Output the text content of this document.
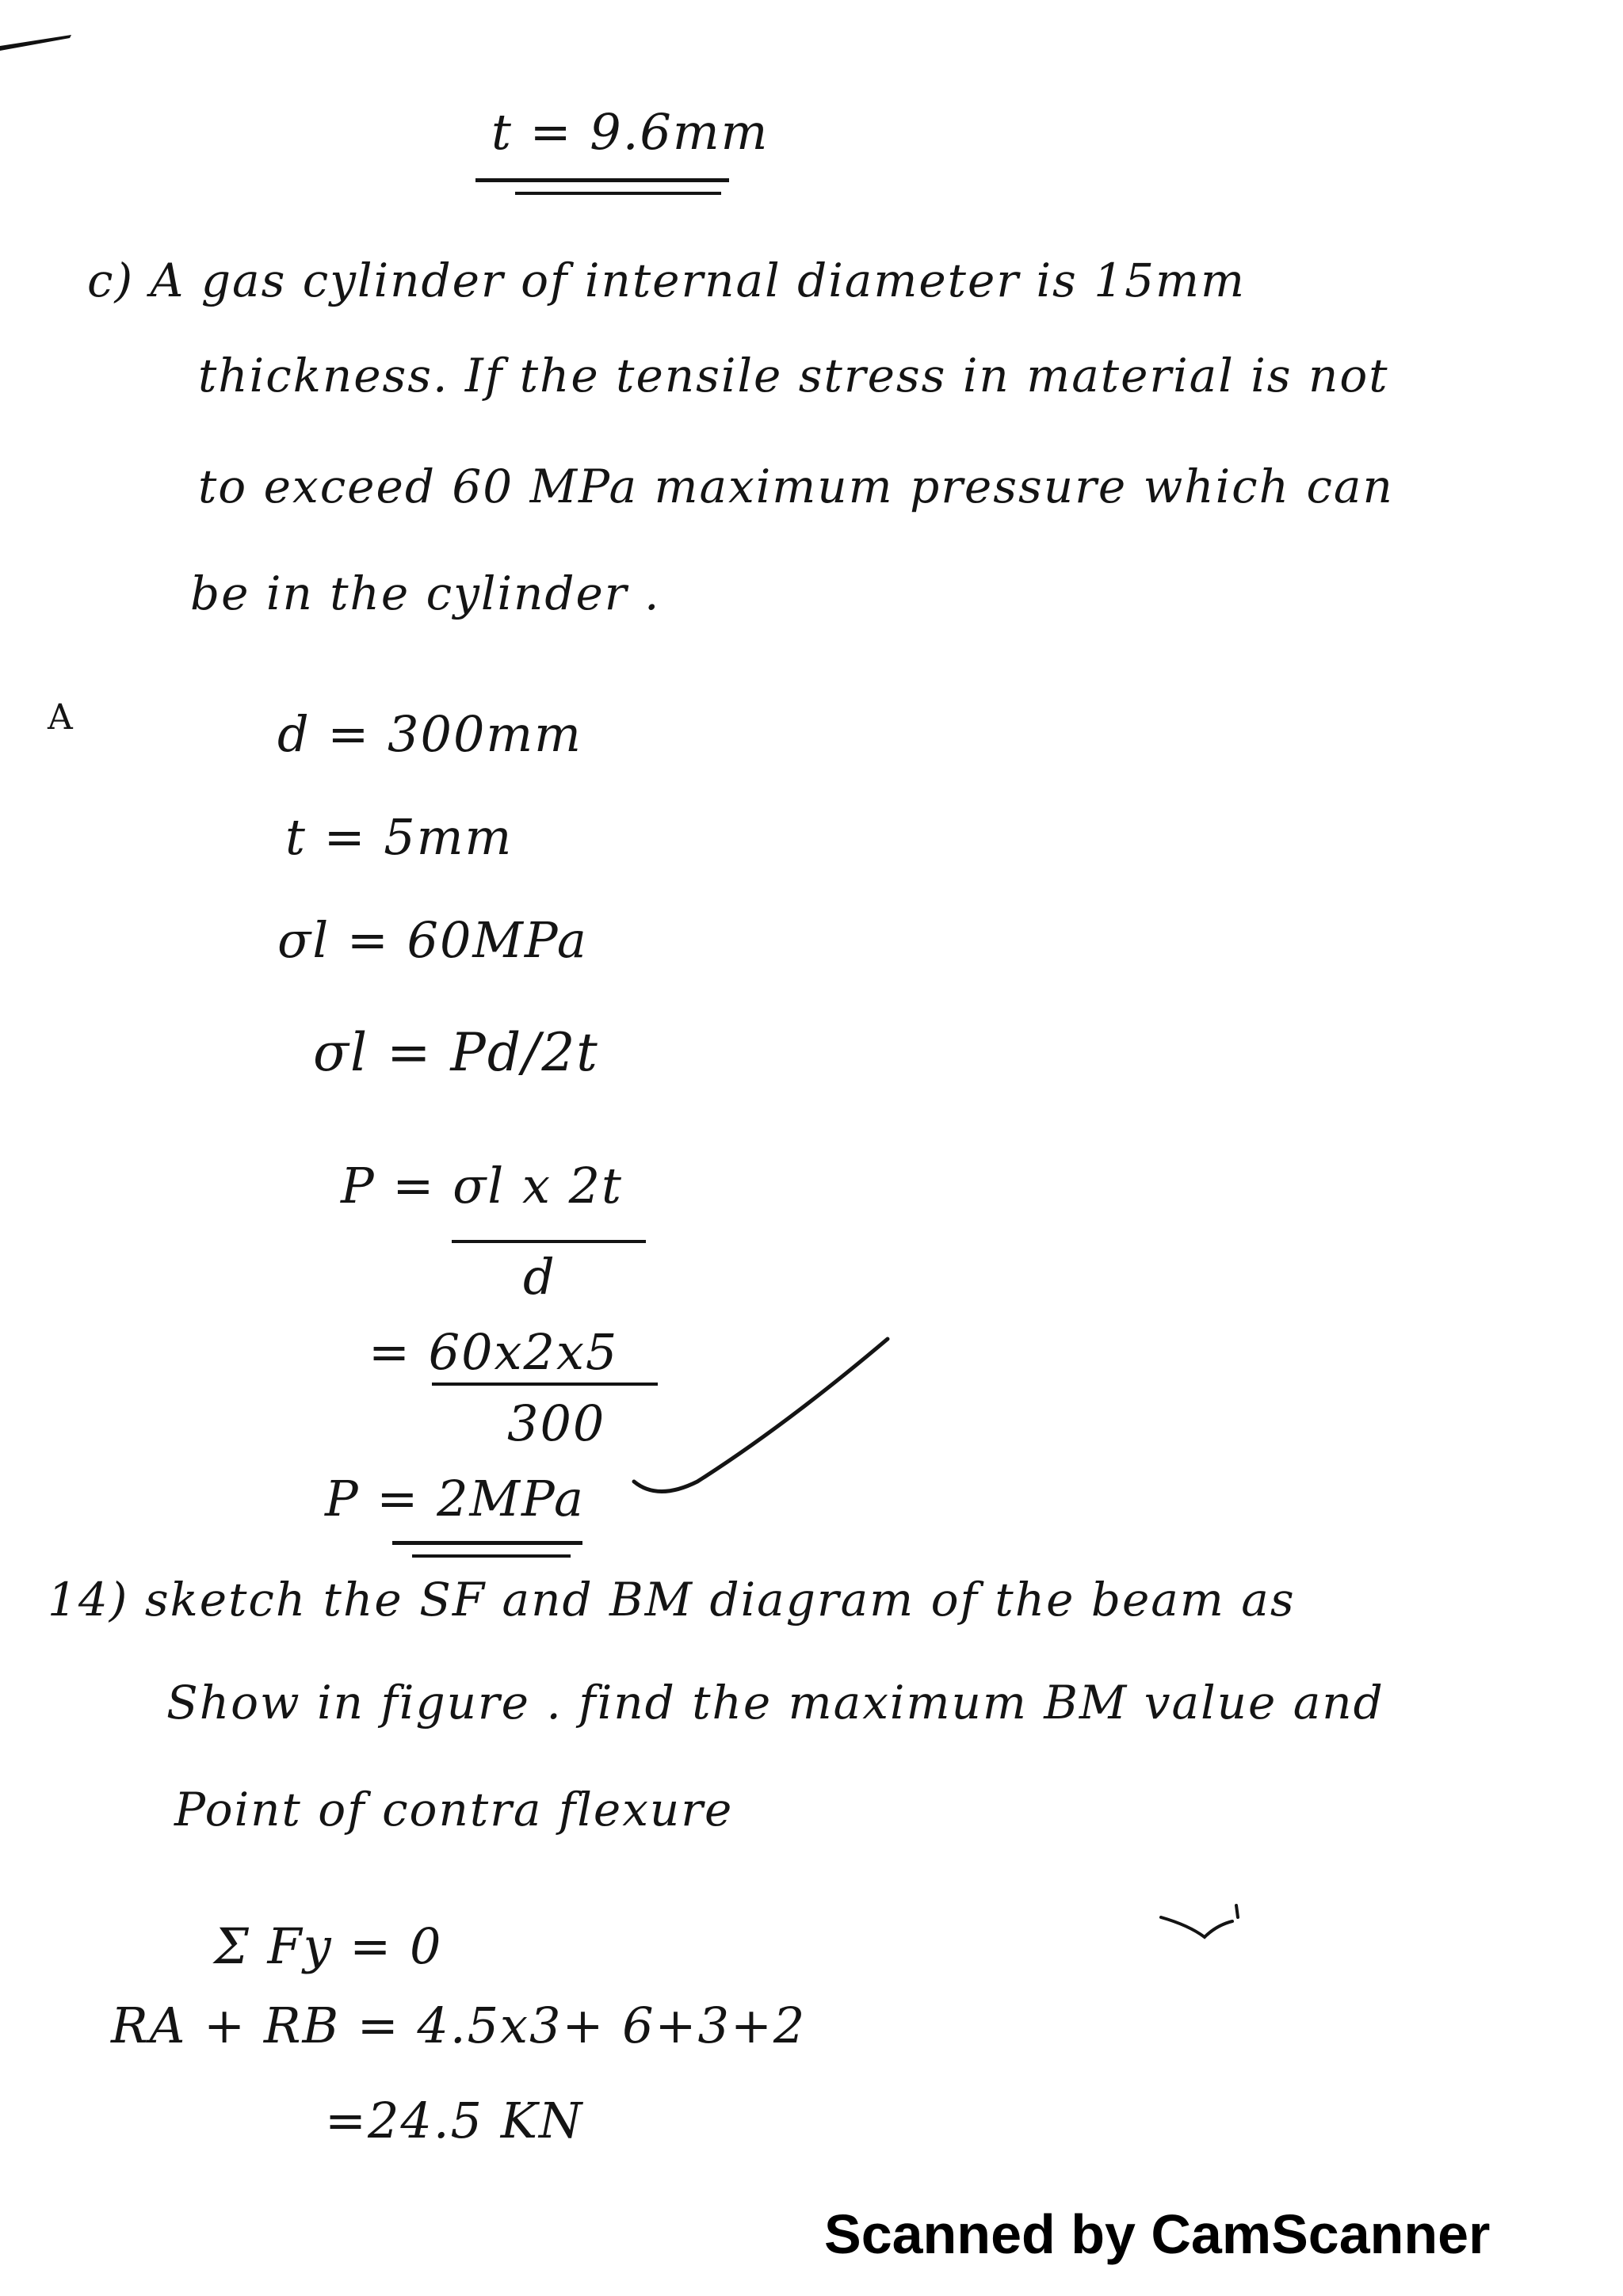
t = 9.6mm
c) A gas cylinder of internal diameter is 15mm
thickness. If the tensile stress in material is not
to exceed 60 MPa maximum pressure which can
be in the cylinder .
A	d = 300mm
t = 5mm
σl = 60MPa
σl = Pd/2t
P = σl x 2t
d
= 60x2x5
300
P = 2MPa
14) sketch the SF and BM diagram of the beam as
Show in figure . find the maximum BM value and
Point of contra flexure
Σ Fy = 0
RA + RB = 4.5x3+ 6+3+2
=24.5 KN
Scanned by CamScanner
